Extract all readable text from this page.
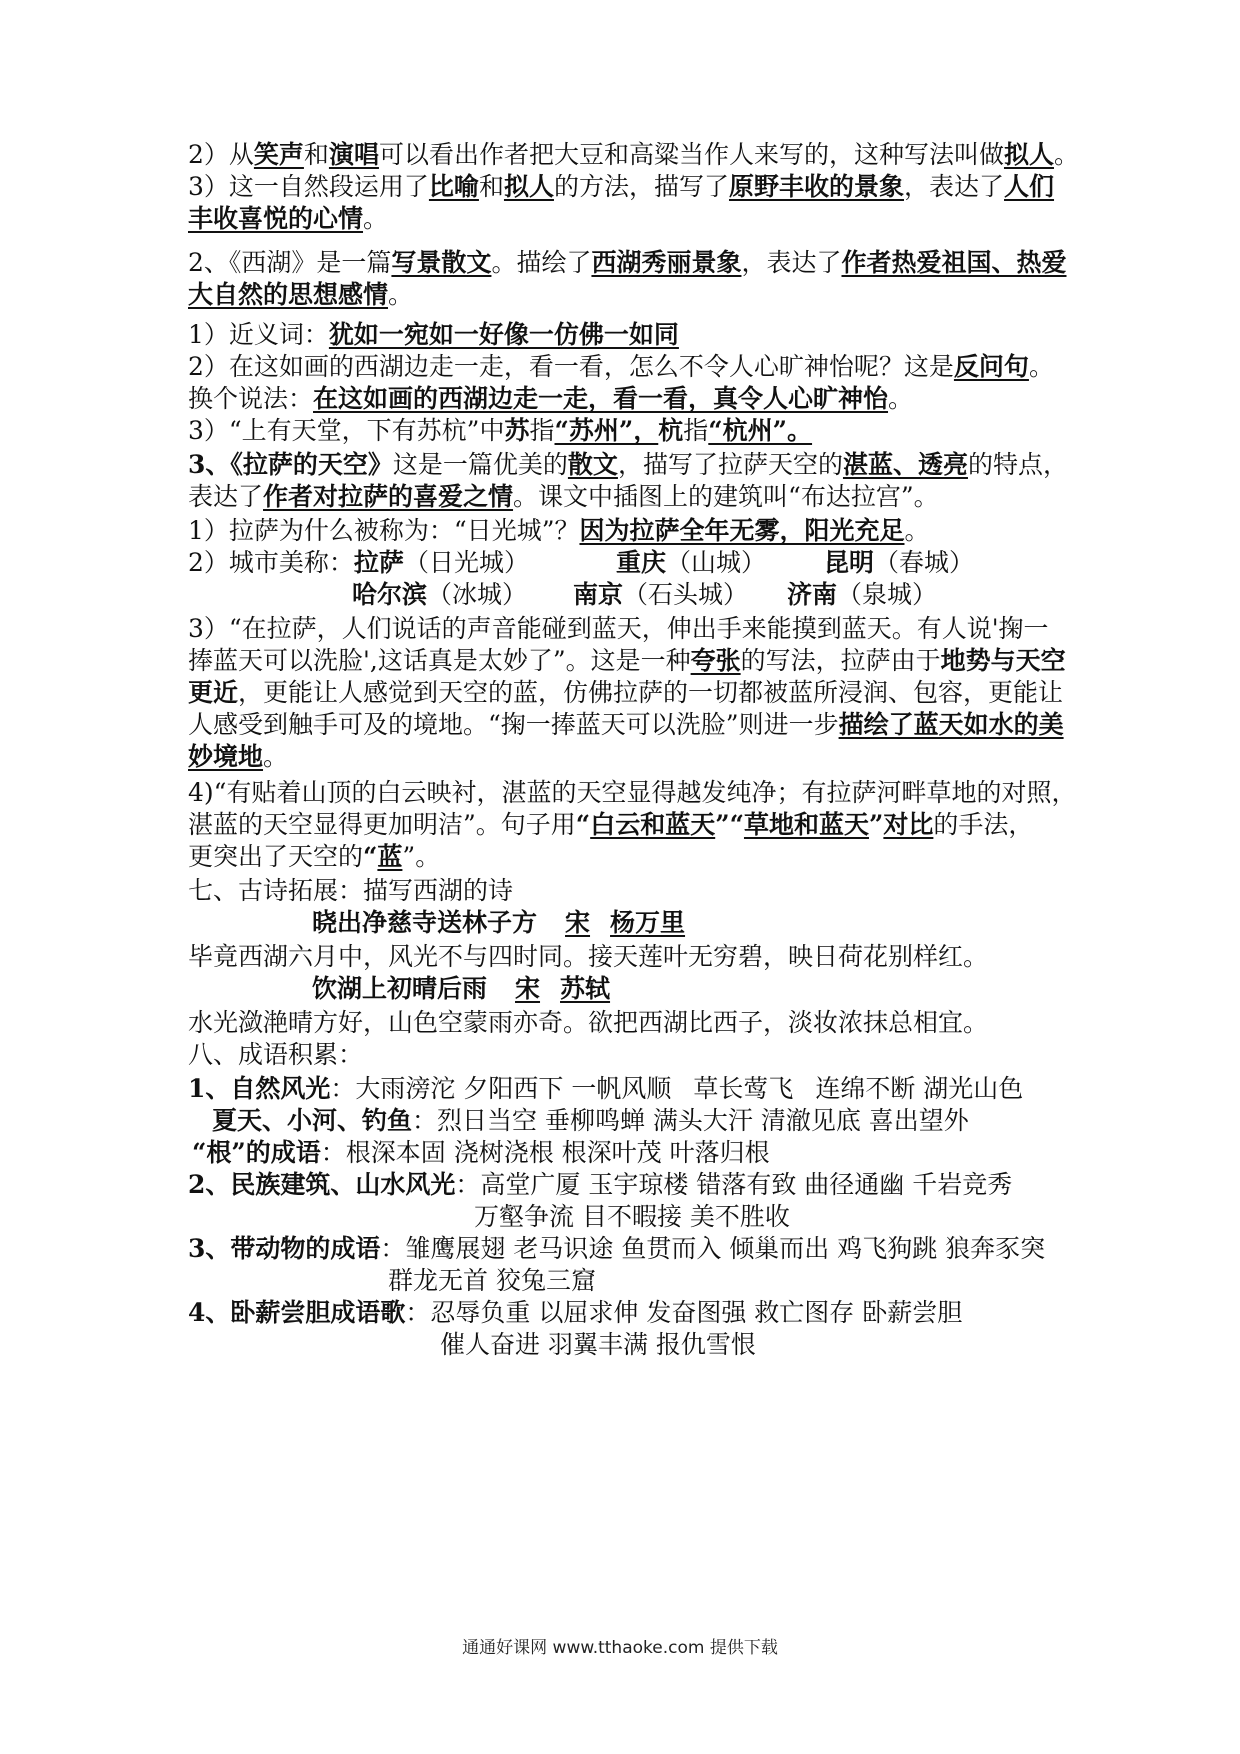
2）从笑声和演唱可以看出作者把大豆和高粱当作人来写的，这种写法叫做拟人。
3）这一自然段运用了比喻和拟人的方法，描写了原野丰收的景象，表达了人们
丰收喜悦的心情。
2、《西湖》是一篇写景散文。描绘了西湖秀丽景象，表达了作者热爱祖国、热爱
大自然的思想感情。
1）近义词：犹如一宛如一好像一仿佛一如同
2）在这如画的西湖边走一走，看一看，怎么不令人心旷神怡呢？这是反问句。
换个说法：在这如画的西湖边走一走，看一看，真令人心旷神怡。
3）“上有天堂，下有苏杭”中苏指“苏州”，杭指“杭州”。
3、《拉萨的天空》这是一篇优美的散文，描写了拉萨天空的湛蓝、透亮的特点，
表达了作者对拉萨的喜爱之情。课文中插图上的建筑叫“布达拉宫”。
1）拉萨为什么被称为：“日光城”？因为拉萨全年无雾，阳光充足。
2）城市美称：拉萨（日光城）	重庆（山城） 昆明（春城）
哈尔滨（冰城） 南京（石头城） 济南（泉城）
3）“在拉萨，人们说话的声音能碰到蓝天，伸出手来能摸到蓝天。有人说'掬一
捧蓝天可以洗脸',这话真是太妙了”。这是一种夸张的写法，拉萨由于地势与天空
更近，更能让人感觉到天空的蓝，仿佛拉萨的一切都被蓝所浸润、包容，更能让
人感受到触手可及的境地。“掬一捧蓝天可以洗脸”则进一步描绘了蓝天如水的美
妙境地。
4)“有贴着山顶的白云映衬，湛蓝的天空显得越发纯净；有拉萨河畔草地的对照，
湛蓝的天空显得更加明洁”。句子用“白云和蓝天”“草地和蓝天”对比的手法，
更突出了天空的“蓝”。
七、古诗拓展：描写西湖的诗
晓出净慈寺送林子方 宋 杨万里
毕竟西湖六月中，风光不与四时同。接天莲叶无穷碧，映日荷花别样红。
饮湖上初晴后雨 宋 苏轼
水光潋滟晴方好，山色空蒙雨亦奇。欲把西湖比西子，淡妆浓抹总相宜。
八、成语积累：
1、自然风光：大雨滂沱 夕阳西下 一帆风顺 草长莺飞 连绵不断 湖光山色
夏天、小河、钓鱼：烈日当空 垂柳鸣蝉 满头大汗 清澈见底 喜出望外
“根”的成语：根深本固 浇树浇根 根深叶茂 叶落归根
2、民族建筑、山水风光：高堂广厦 玉宇琼楼 错落有致 曲径通幽 千岩竞秀
万壑争流 目不暇接 美不胜收
3、带动物的成语：雏鹰展翅 老马识途 鱼贯而入 倾巢而出 鸡飞狗跳 狼奔豕突
群龙无首 狡兔三窟
4、卧薪尝胆成语歌：忍辱负重 以屈求伸 发奋图强 救亡图存 卧薪尝胆
催人奋进 羽翼丰满 报仇雪恨
通通好课网 www.tthaoke.com 提供下载
